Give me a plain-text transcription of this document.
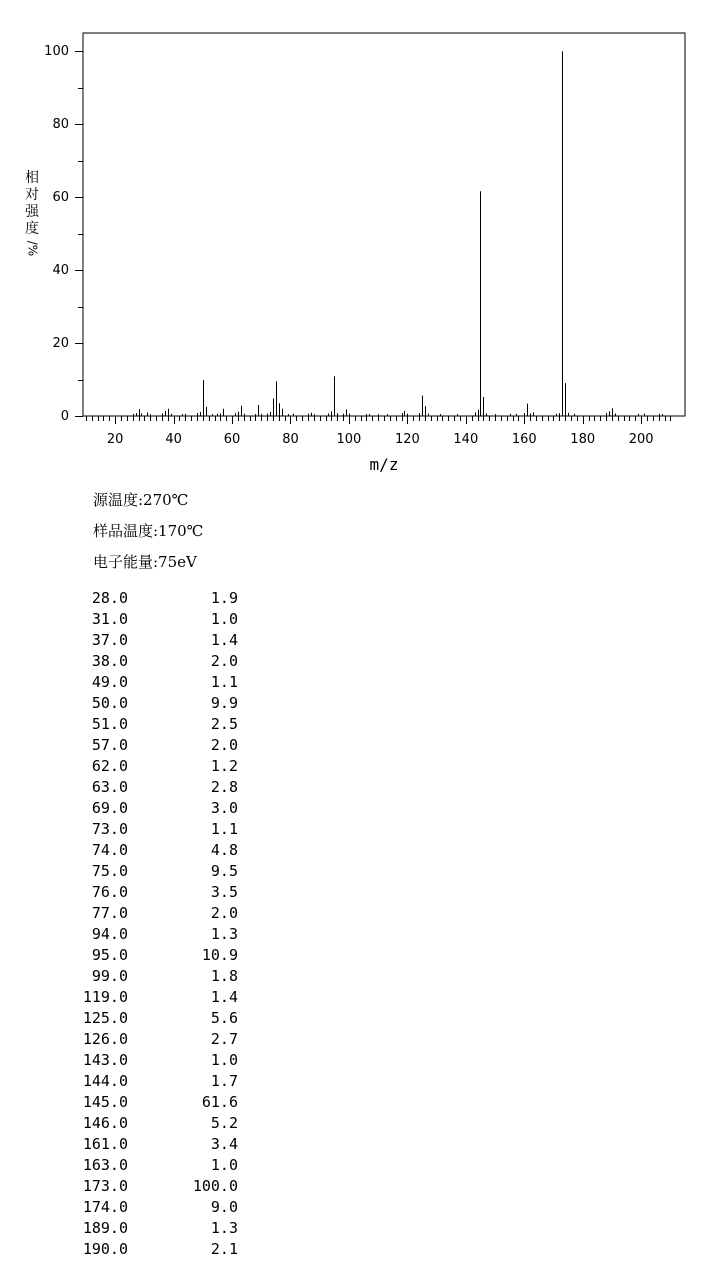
20	40	60	80	100	120	140	160	180	200
0
20
40
60
80
100
m/z
相
对
强
度
/%
源温度:270℃
样品温度:170℃
电子能量:75eV
28.0	1.9
31.0	1.0
37.0	1.4
38.0	2.0
49.0	1.1
50.0	9.9
51.0	2.5
57.0	2.0
62.0	1.2
63.0	2.8
69.0	3.0
73.0	1.1
74.0	4.8
75.0	9.5
76.0	3.5
77.0	2.0
94.0	1.3
95.0	10.9
99.0	1.8
119.0	1.4
125.0	5.6
126.0	2.7
143.0	1.0
144.0	1.7
145.0	61.6
146.0	5.2
161.0	3.4
163.0	1.0
173.0	100.0
174.0	9.0
189.0	1.3
190.0	2.1
